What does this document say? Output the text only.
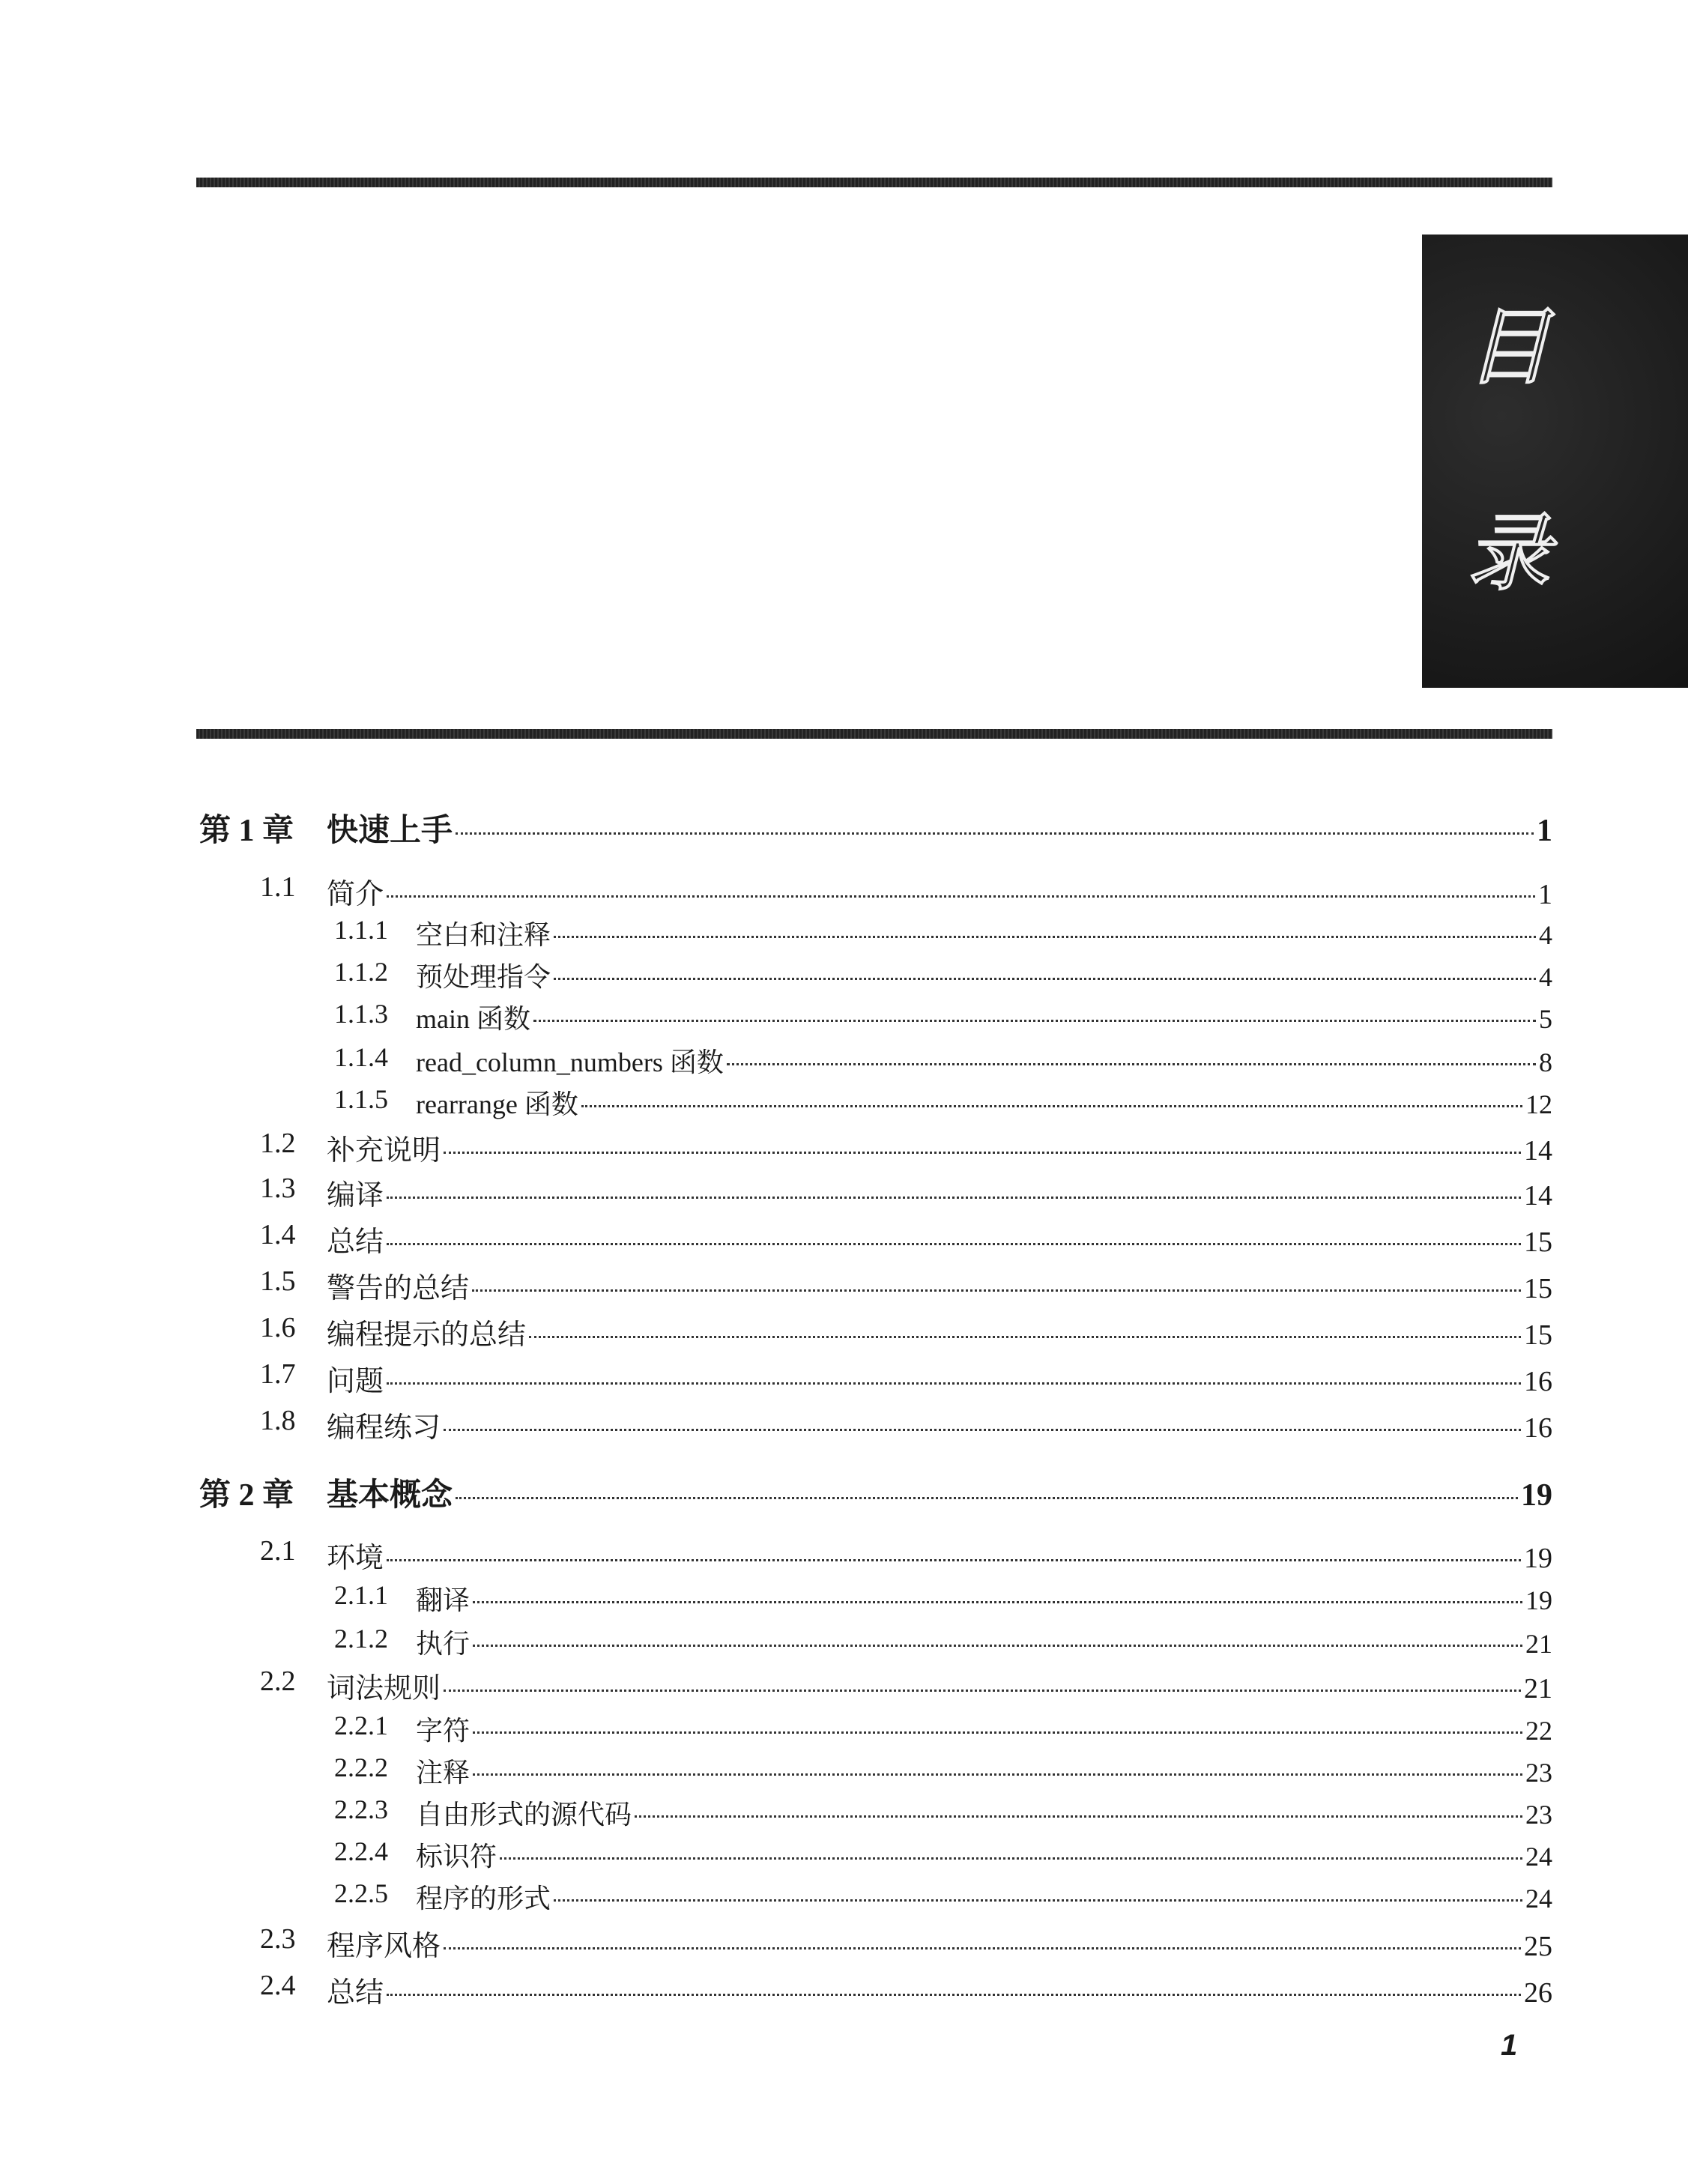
目
录
第 1 章 快速上手	1
1.1 简介	1
1.1.1 空白和注释	4
1.1.2 预处理指令	4
1.1.3 main 函数	5
1.1.4 read_column_numbers 函数	8
1.1.5 rearrange 函数	12
1.2 补充说明	14
1.3 编译	14
1.4 总结	15
1.5 警告的总结	15
1.6 编程提示的总结	15
1.7 问题	16
1.8 编程练习	16
第 2 章 基本概念	19
2.1 环境	19
2.1.1 翻译	19
2.1.2 执行	21
2.2 词法规则	21
2.2.1 字符	22
2.2.2 注释	23
2.2.3 自由形式的源代码	23
2.2.4 标识符	24
2.2.5 程序的形式	24
2.3 程序风格	25
2.4 总结	26
1
